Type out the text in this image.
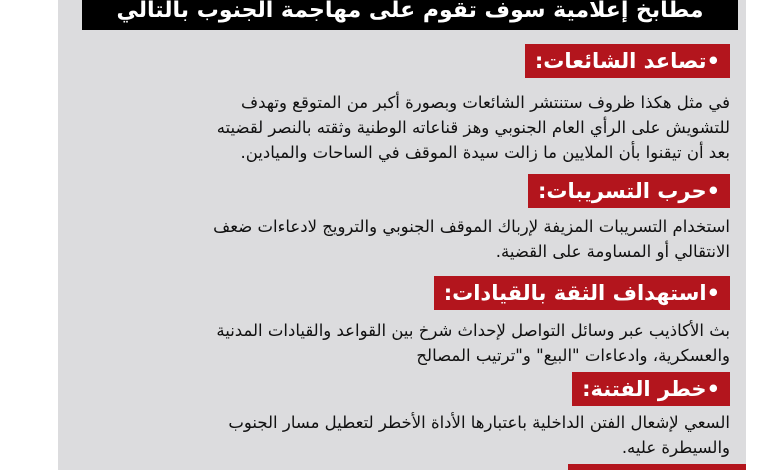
مطابخ إعلامية سوف تقوم على مهاجمة الجنوب بالتالي
•تصاعد الشائعات:
في مثل هكذا ظروف ستنتشر الشائعات وبصورة أكبر من المتوقع وتهدف
للتشويش على الرأي العام الجنوبي وهز قناعاته الوطنية وثقته بالنصر لقضيته
بعد أن تيقنوا بأن الملايين ما زالت سيدة الموقف في الساحات والميادين.
•حرب التسريبات:
استخدام التسريبات المزيفة لإرباك الموقف الجنوبي والترويج لادعاءات ضعف
الانتقالي أو المساومة على القضية.
•استهداف الثقة بالقيادات:
بث الأكاذيب عبر وسائل التواصل لإحداث شرخ بين القواعد والقيادات المدنية
والعسكرية، وادعاءات "البيع" و"ترتيب المصالح
•خطر الفتنة:
السعي لإشعال الفتن الداخلية باعتبارها الأداة الأخطر لتعطيل مسار الجنوب
والسيطرة عليه.
